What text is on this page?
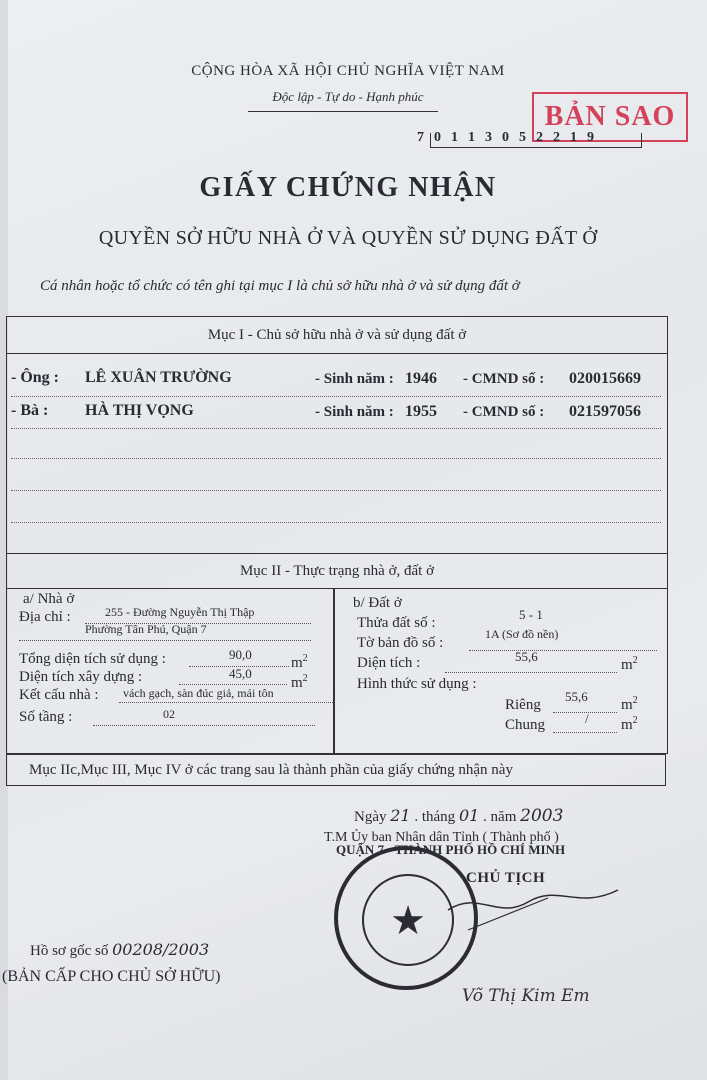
CỘNG HÒA XÃ HỘI CHỦ NGHĨA VIỆT NAM
Độc lập - Tự do - Hạnh phúc
BẢN SAO
7 0 1 1 3 0 5 2 2 1 9
GIẤY CHỨNG NHẬN
QUYỀN SỞ HỮU NHÀ Ở VÀ QUYỀN SỬ DỤNG ĐẤT Ở
Cá nhân hoặc tổ chức có tên ghi tại mục I là chủ sở hữu nhà ở và sử dụng đất ở
Mục I - Chủ sở hữu nhà ở và sử dụng đất ở
- Ông : LÊ XUÂN TRƯỜNG	- Sinh năm : 1946 - CMND số : 020015669
- Bà : HÀ THỊ VỌNG	- Sinh năm : 1955 - CMND số : 021597056
Mục II - Thực trạng nhà ở, đất ở
a/ Nhà ở
Địa chỉ :	255 - Đường Nguyễn Thị Thập
Phường Tân Phú, Quận 7
Tổng diện tích sử dụng :	90,0
$m^2$
Diện tích xây dựng :	45,0
$m^2$
Kết cấu nhà : vách gạch, sàn đúc giả, mái tôn
Số tầng :	02
b/ Đất ở
Thửa đất số :
5 - 1
Tờ bản đồ số :
1A (Sơ đồ nền)
Diện tích :	55,6
$m^2$
Hình thức sử dụng :
Riêng
55,6
$m^2$
Chung	/ $m^2$
Mục IIc,Mục III, Mục IV ở các trang sau là thành phần của giấy chứng nhận này
Ngày 21 . tháng 01 . năm 2003
T.M Ủy ban Nhân dân Tỉnh ( Thành phố )
QUẬN 7 - THÀNH PHỐ HỒ CHÍ MINH
CHỦ TỊCH
★
Võ Thị Kim Em
Hồ sơ gốc số 00208/2003
(BẢN CẤP CHO CHỦ SỞ HỮU)
